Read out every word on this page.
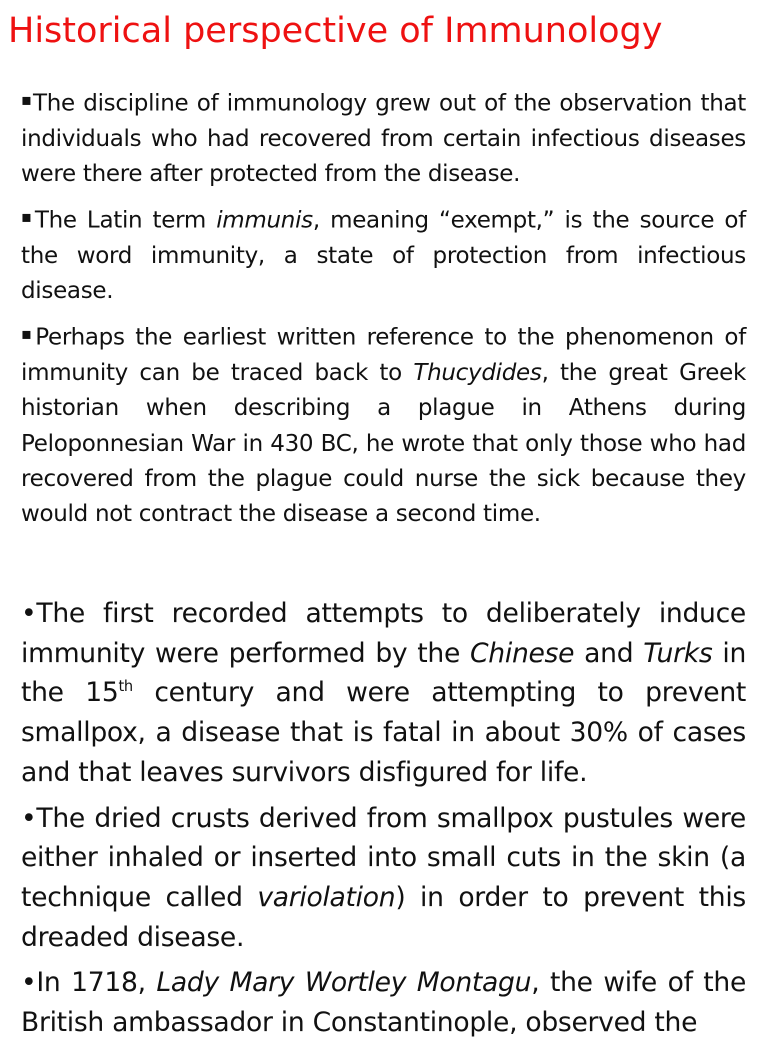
Historical perspective of Immunology

▪The discipline of immunology grew out of the observation that individuals who had recovered from certain infectious diseases were there after protected from the disease.

▪The Latin term immunis, meaning “exempt,” is the source of the word immunity, a state of protection from infectious disease.

▪Perhaps the earliest written reference to the phenomenon of immunity can be traced back to Thucydides, the great Greek historian when describing a plague in Athens during Peloponnesian War in 430 BC, he wrote that only those who had recovered from the plague could nurse the sick because they would not contract the disease a second time.

•The first recorded attempts to deliberately induce immunity were performed by the Chinese and Turks in the 15th century and were attempting to prevent smallpox, a disease that is fatal in about 30% of cases and that leaves survivors disfigured for life.

•The dried crusts derived from smallpox pustules were either inhaled or inserted into small cuts in the skin (a technique called variolation) in order to prevent this dreaded disease.

•In 1718, Lady Mary Wortley Montagu, the wife of the British ambassador in Constantinople, observed the
